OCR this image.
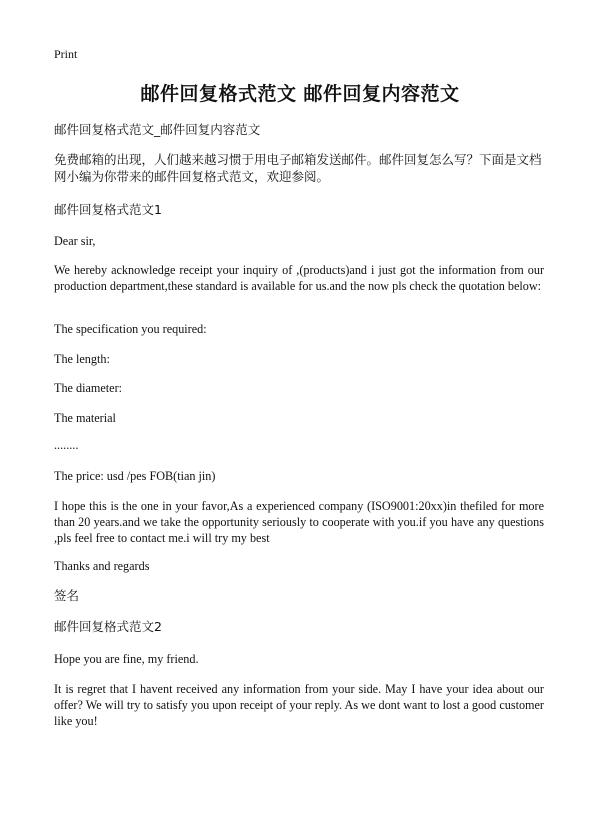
Print
邮件回复格式范文 邮件回复内容范文
邮件回复格式范文_邮件回复内容范文
免费邮箱的出现，人们越来越习惯于用电子邮箱发送邮件。邮件回复怎么写？下面是文档网小编为你带来的邮件回复格式范文，欢迎参阅。
邮件回复格式范文1
Dear sir,
We hereby acknowledge receipt your inquiry of ,(products)and i just got the information from our production department,these standard is available for us.and the now pls check the quotation below:
The specification you required:
The length:
The diameter:
The material
........
The price: usd /pes FOB(tian jin)
I hope this is the one in your favor,As a experienced company (ISO9001:20xx)in thefiled for more than 20 years.and we take the opportunity seriously to cooperate with you.if you have any questions ,pls feel free to contact me.i will try my best
Thanks and regards
签名
邮件回复格式范文2
Hope you are fine, my friend.
It is regret that I havent received any information from your side. May I have your idea about our offer? We will try to satisfy you upon receipt of your reply. As we dont want to lost a good customer like you!
